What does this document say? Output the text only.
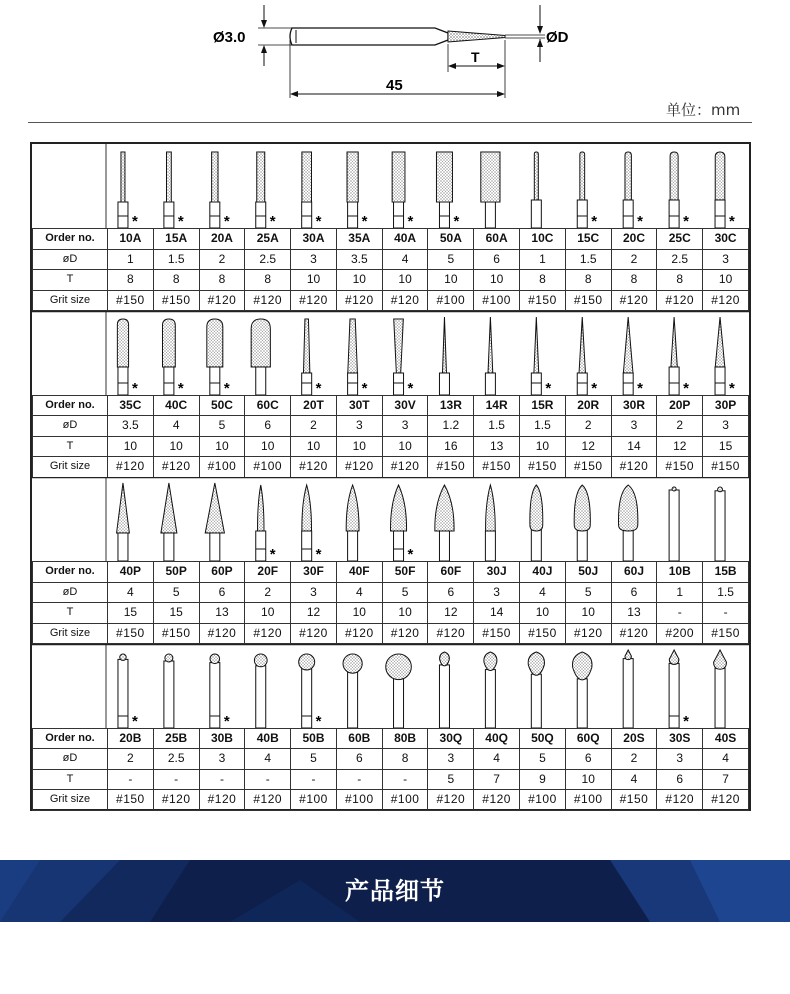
Ø3.0	ØD
T
45
单位：mm
*	*	*	*	*	*	*	*	*	*	*	*
Order no.	10A	15A	20A	25A	30A	35A	40A	50A	60A	10C	15C	20C	25C	30C
øD	1	1.5	2	2.5	3	3.5	4	5	6	1	1.5	2	2.5	3
T	8	8	8	8	10	10	10	10	10	8	8	8	8	10
Grit size	#150	#150	#120	#120	#120	#120	#120	#100	#100	#150	#150	#120	#120	#120
*	*	*	*	*	*	*	*	*	*	*
Order no.	35C	40C	50C	60C	20T	30T	30V	13R	14R	15R	20R	30R	20P	30P
øD	3.5	4	5	6	2	3	3	1.2	1.5	1.5	2	3	2	3
T	10	10	10	10	10	10	10	16	13	10	12	14	12	15
Grit size	#120	#120	#100	#100	#120	#120	#120	#150	#150	#150	#150	#120	#150	#150
*	*	*
Order no.	40P	50P	60P	20F	30F	40F	50F	60F	30J	40J	50J	60J	10B	15B
øD	4	5	6	2	3	4	5	6	3	4	5	6	1	1.5
T	15	15	13	10	12	10	10	12	14	10	10	13	-	-
Grit size	#150	#150	#120	#120	#120	#120	#120	#120	#150	#150	#120	#120	#200	#150
*	*	*	*
Order no.	20B	25B	30B	40B	50B	60B	80B	30Q	40Q	50Q	60Q	20S	30S	40S
øD	2	2.5	3	4	5	6	8	3	4	5	6	2	3	4
T	-	-	-	-	-	-	-	5	7	9	10	4	6	7
Grit size	#150	#120	#120	#120	#100	#100	#100	#120	#120	#100	#100	#150	#120	#120
产品细节
